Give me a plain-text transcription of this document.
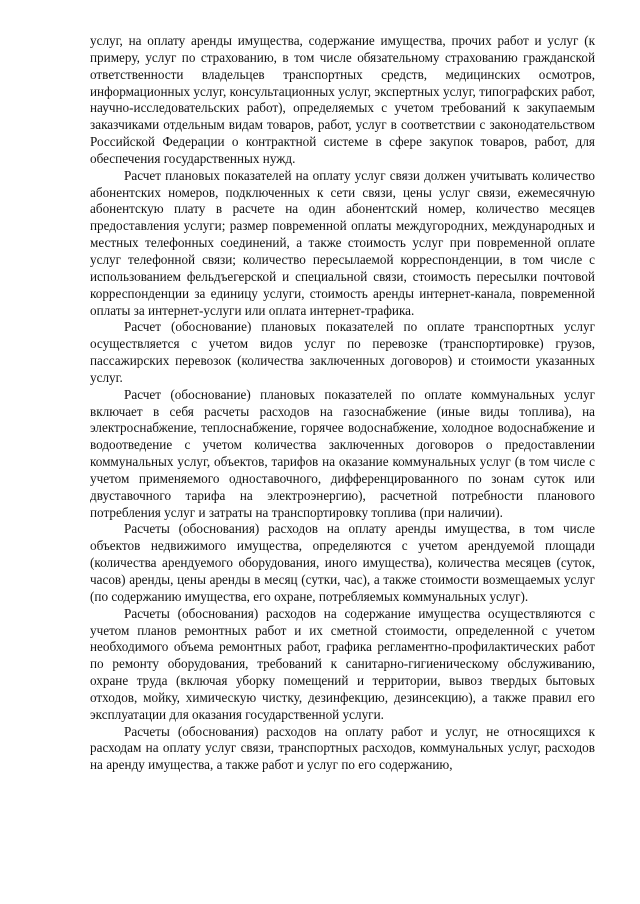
услуг, на оплату аренды имущества, содержание имущества, прочих работ и услуг (к примеру, услуг по страхованию, в том числе обязательному страхованию гражданской ответственности владельцев транспортных средств, медицинских осмотров, информационных услуг, консультационных услуг, экспертных услуг, типографских работ, научно-исследовательских работ), определяемых с учетом требований к закупаемым заказчиками отдельным видам товаров, работ, услуг в соответствии с законодательством Российской Федерации о контрактной системе в сфере закупок товаров, работ, для обеспечения государственных нужд.

Расчет плановых показателей на оплату услуг связи должен учитывать количество абонентских номеров, подключенных к сети связи, цены услуг связи, ежемесячную абонентскую плату в расчете на один абонентский номер, количество месяцев предоставления услуги; размер повременной оплаты междугородних, международных и местных телефонных соединений, а также стоимость услуг при повременной оплате услуг телефонной связи; количество пересылаемой корреспонденции, в том числе с использованием фельдъегерской и специальной связи, стоимость пересылки почтовой корреспонденции за единицу услуги, стоимость аренды интернет-канала, повременной оплаты за интернет-услуги или оплата интернет-трафика.

Расчет (обоснование) плановых показателей по оплате транспортных услуг осуществляется с учетом видов услуг по перевозке (транспортировке) грузов, пассажирских перевозок (количества заключенных договоров) и стоимости указанных услуг.

Расчет (обоснование) плановых показателей по оплате коммунальных услуг включает в себя расчеты расходов на газоснабжение (иные виды топлива), на электроснабжение, теплоснабжение, горячее водоснабжение, холодное водоснабжение и водоотведение с учетом количества заключенных договоров о предоставлении коммунальных услуг, объектов, тарифов на оказание коммунальных услуг (в том числе с учетом применяемого одноставочного, дифференцированного по зонам суток или двуставочного тарифа на электроэнергию), расчетной потребности планового потребления услуг и затраты на транспортировку топлива (при наличии).

Расчеты (обоснования) расходов на оплату аренды имущества, в том числе объектов недвижимого имущества, определяются с учетом арендуемой площади (количества арендуемого оборудования, иного имущества), количества месяцев (суток, часов) аренды, цены аренды в месяц (сутки, час), а также стоимости возмещаемых услуг (по содержанию имущества, его охране, потребляемых коммунальных услуг).

Расчеты (обоснования) расходов на содержание имущества осуществляются с учетом планов ремонтных работ и их сметной стоимости, определенной с учетом необходимого объема ремонтных работ, графика регламентно-профилактических работ по ремонту оборудования, требований к санитарно-гигиеническому обслуживанию, охране труда (включая уборку помещений и территории, вывоз твердых бытовых отходов, мойку, химическую чистку, дезинфекцию, дезинсекцию), а также правил его эксплуатации для оказания государственной услуги.

Расчеты (обоснования) расходов на оплату работ и услуг, не относящихся к расходам на оплату услуг связи, транспортных расходов, коммунальных услуг, расходов на аренду имущества, а также работ и услуг по его содержанию,
